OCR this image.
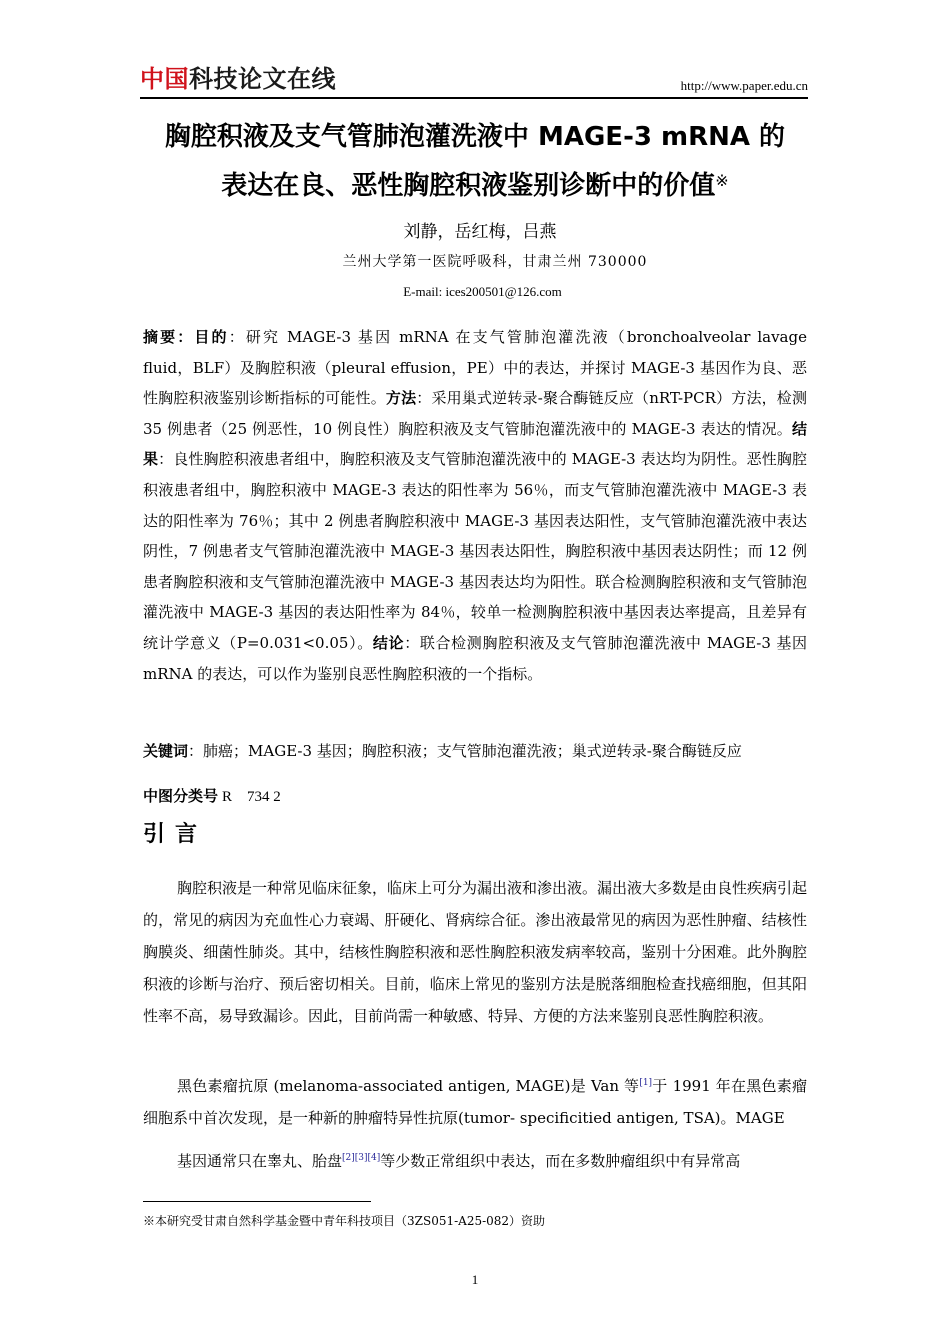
中国科技论文在线	http://www.paper.edu.cn
胸腔积液及支气管肺泡灌洗液中 MAGE-3 mRNA 的
表达在良、恶性胸腔积液鉴别诊断中的价值※
刘静，岳红梅，吕燕
兰州大学第一医院呼吸科，甘肃兰州 730000
E-mail: ices200501@126.com
摘要：目的：研究 MAGE-3 基因 mRNA 在支气管肺泡灌洗液（bronchoalveolar lavage fluid，BLF）及胸腔积液（pleural effusion，PE）中的表达，并探讨 MAGE-3 基因作为良、恶性胸腔积液鉴别诊断指标的可能性。方法：采用巢式逆转录-聚合酶链反应（nRT-PCR）方法，检测 35 例患者（25 例恶性，10 例良性）胸腔积液及支气管肺泡灌洗液中的 MAGE-3 表达的情况。结果：良性胸腔积液患者组中，胸腔积液及支气管肺泡灌洗液中的 MAGE-3 表达均为阴性。恶性胸腔积液患者组中，胸腔积液中 MAGE-3 表达的阳性率为 56％，而支气管肺泡灌洗液中 MAGE-3 表达的阳性率为 76％；其中 2 例患者胸腔积液中 MAGE-3 基因表达阳性，支气管肺泡灌洗液中表达阴性，7 例患者支气管肺泡灌洗液中 MAGE-3 基因表达阳性，胸腔积液中基因表达阴性；而 12 例患者胸腔积液和支气管肺泡灌洗液中 MAGE-3 基因表达均为阳性。联合检测胸腔积液和支气管肺泡灌洗液中 MAGE-3 基因的表达阳性率为 84％，较单一检测胸腔积液中基因表达率提高，且差异有统计学意义（P=0.031<0.05）。结论：联合检测胸腔积液及支气管肺泡灌洗液中 MAGE-3 基因 mRNA 的表达，可以作为鉴别良恶性胸腔积液的一个指标。
关键词：肺癌；MAGE-3 基因；胸腔积液；支气管肺泡灌洗液；巢式逆转录-聚合酶链反应
中图分类号 R　734 2
引言
胸腔积液是一种常见临床征象，临床上可分为漏出液和渗出液。漏出液大多数是由良性疾病引起的，常见的病因为充血性心力衰竭、肝硬化、肾病综合征。渗出液最常见的病因为恶性肿瘤、结核性胸膜炎、细菌性肺炎。其中，结核性胸腔积液和恶性胸腔积液发病率较高，鉴别十分困难。此外胸腔积液的诊断与治疗、预后密切相关。目前，临床上常见的鉴别方法是脱落细胞检查找癌细胞，但其阳性率不高，易导致漏诊。因此，目前尚需一种敏感、特异、方便的方法来鉴别良恶性胸腔积液。
黑色素瘤抗原 (melanoma-associated antigen, MAGE)是 Van 等[1]于 1991 年在黑色素瘤细胞系中首次发现，是一种新的肿瘤特异性抗原(tumor- specificitied antigen, TSA)。MAGE
基因通常只在睾丸、胎盘[2][3][4]等少数正常组织中表达，而在多数肿瘤组织中有异常高
※本研究受甘肃自然科学基金暨中青年科技项目（3ZS051-A25-082）资助
1
